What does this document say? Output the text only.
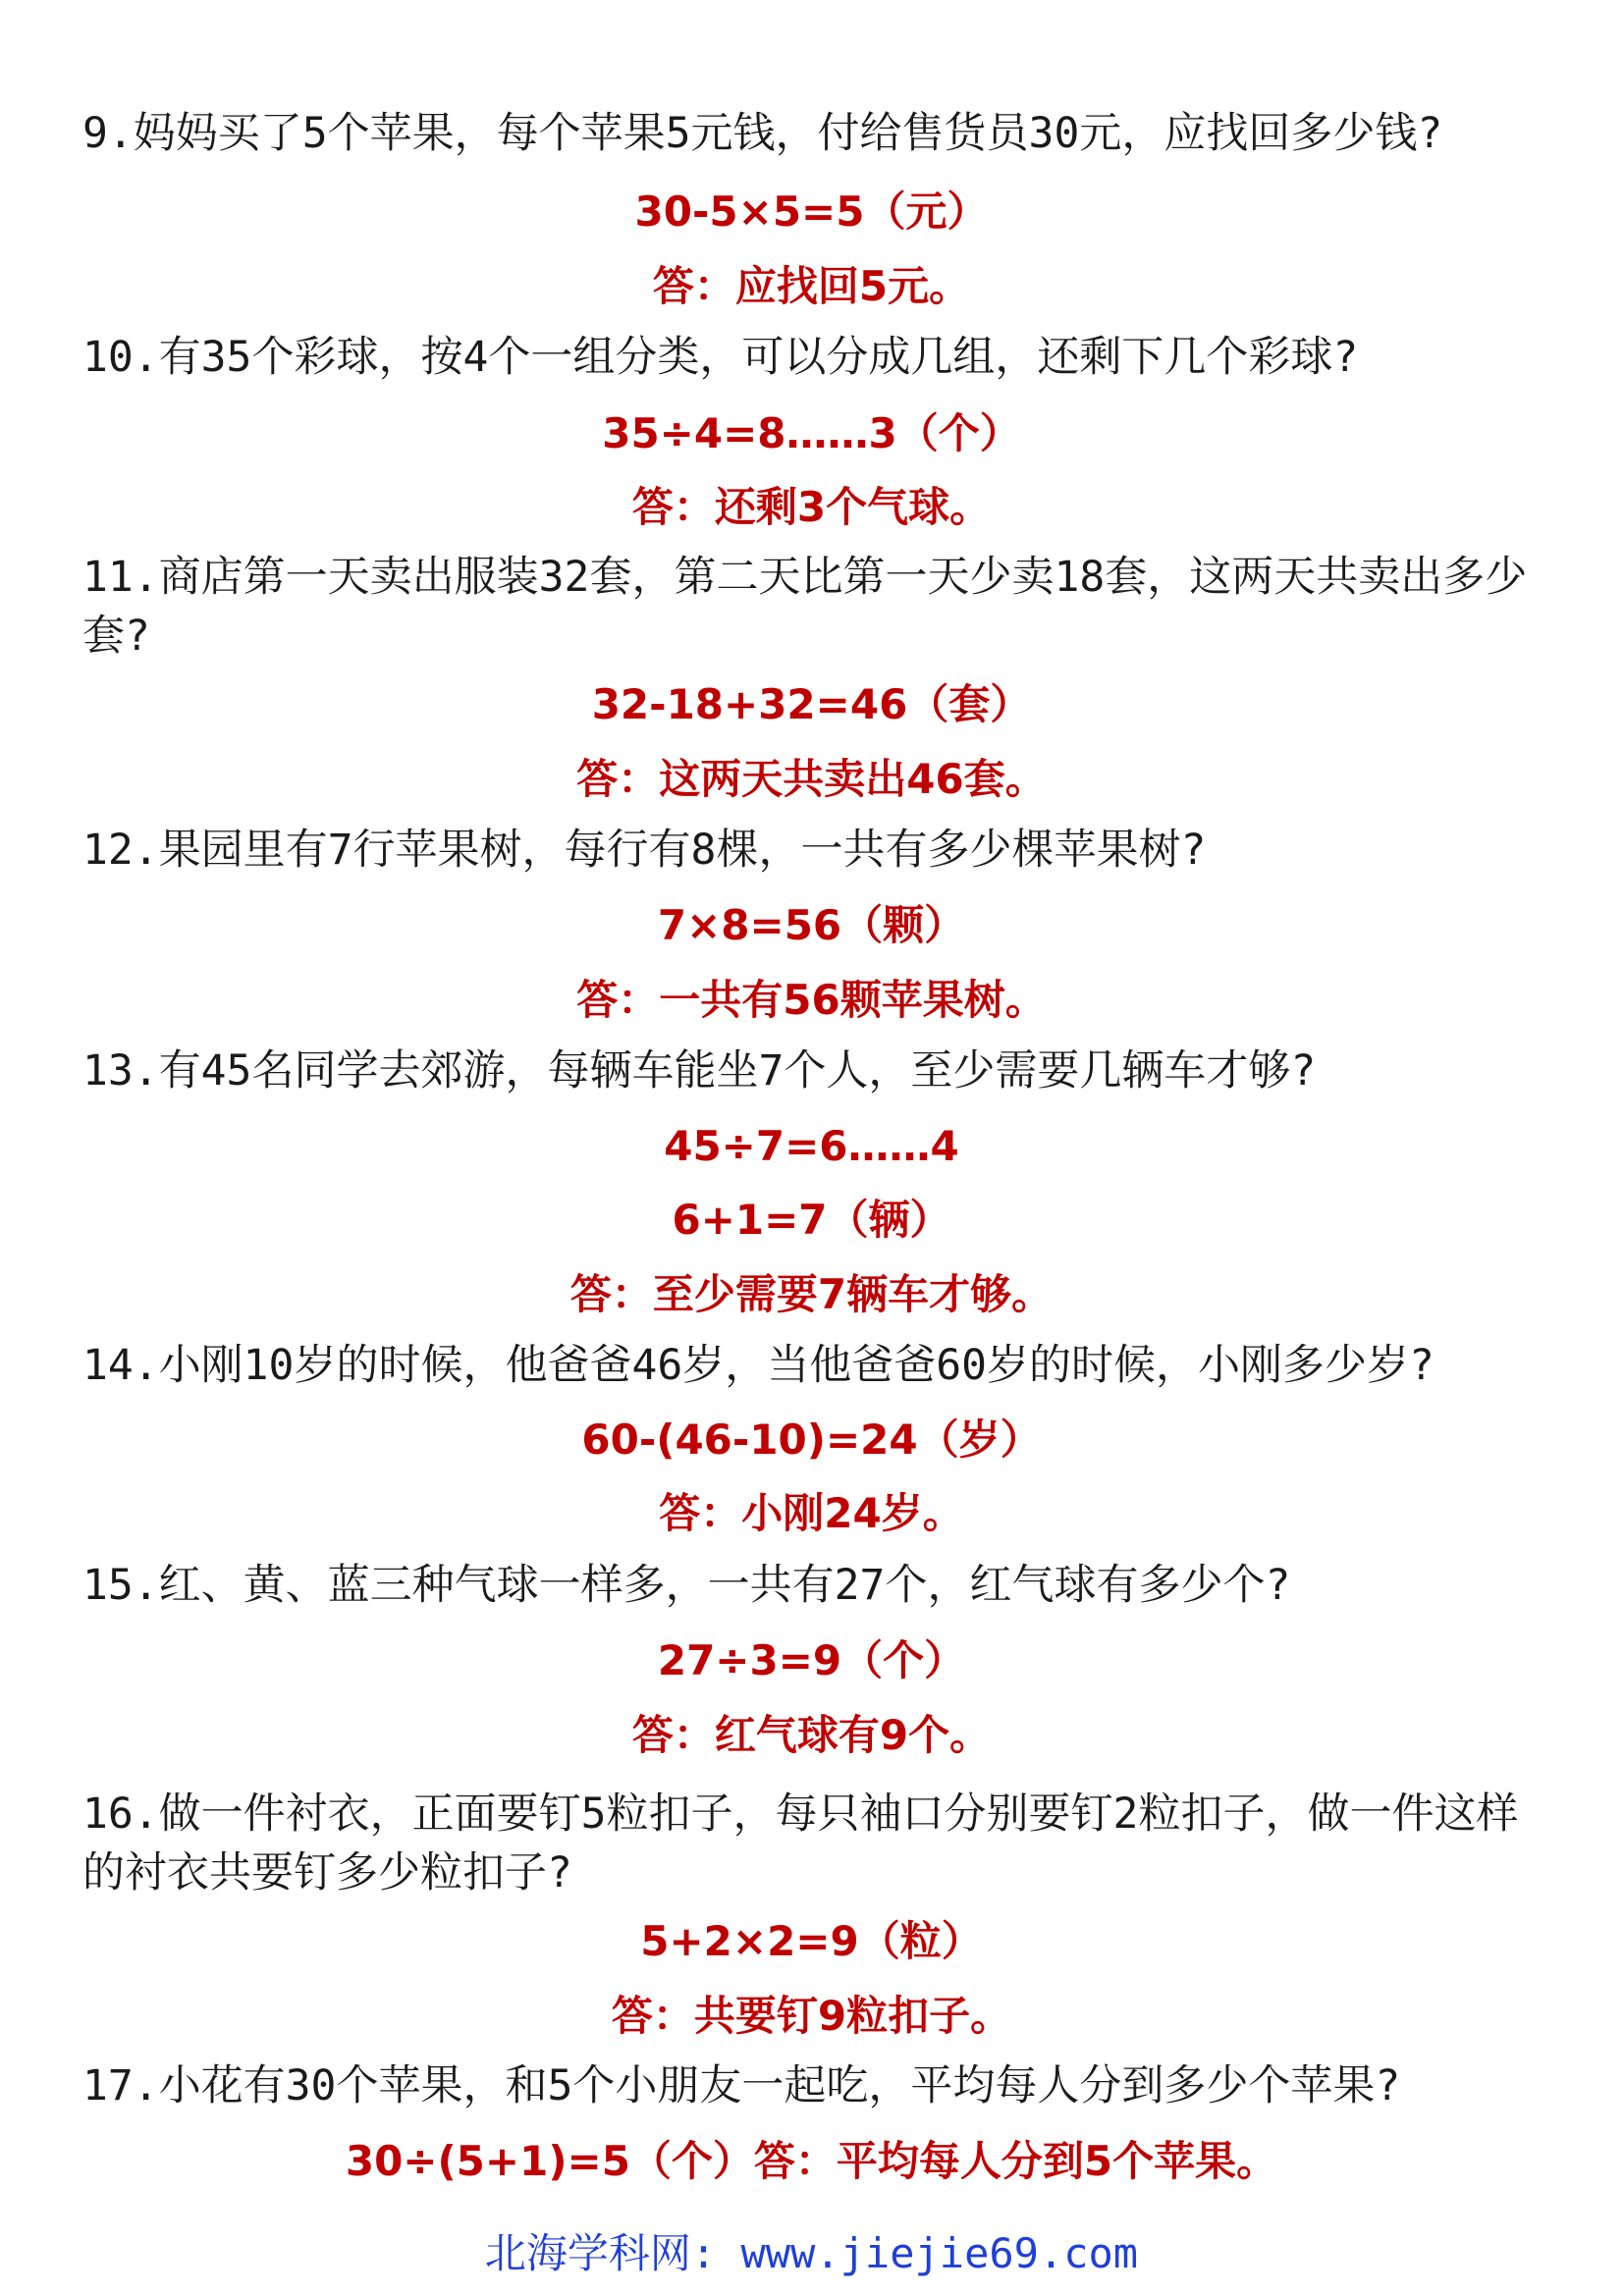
9.妈妈买了5个苹果，每个苹果5元钱，付给售货员30元，应找回多少钱?
30-5×5=5（元）
答：应找回5元。
10.有35个彩球，按4个一组分类，可以分成几组，还剩下几个彩球?
35÷4=8……3（个）
答：还剩3个气球。
11.商店第一天卖出服装32套，第二天比第一天少卖18套，这两天共卖出多少套?
32-18+32=46（套）
答：这两天共卖出46套。
12.果园里有7行苹果树，每行有8棵，一共有多少棵苹果树?
7×8=56（颗）
答：一共有56颗苹果树。
13.有45名同学去郊游，每辆车能坐7个人，至少需要几辆车才够?
45÷7=6……4
6+1=7（辆）
答：至少需要7辆车才够。
14.小刚10岁的时候，他爸爸46岁，当他爸爸60岁的时候，小刚多少岁?
60-(46-10)=24（岁）
答：小刚24岁。
15.红、黄、蓝三种气球一样多，一共有27个，红气球有多少个?
27÷3=9（个）
答：红气球有9个。
16.做一件衬衣，正面要钉5粒扣子，每只袖口分别要钉2粒扣子，做一件这样的衬衣共要钉多少粒扣子?
5+2×2=9（粒）
答：共要钉9粒扣子。
17.小花有30个苹果，和5个小朋友一起吃，平均每人分到多少个苹果?
30÷(5+1)=5（个）答：平均每人分到5个苹果。
北海学科网: www.jiejie69.com
